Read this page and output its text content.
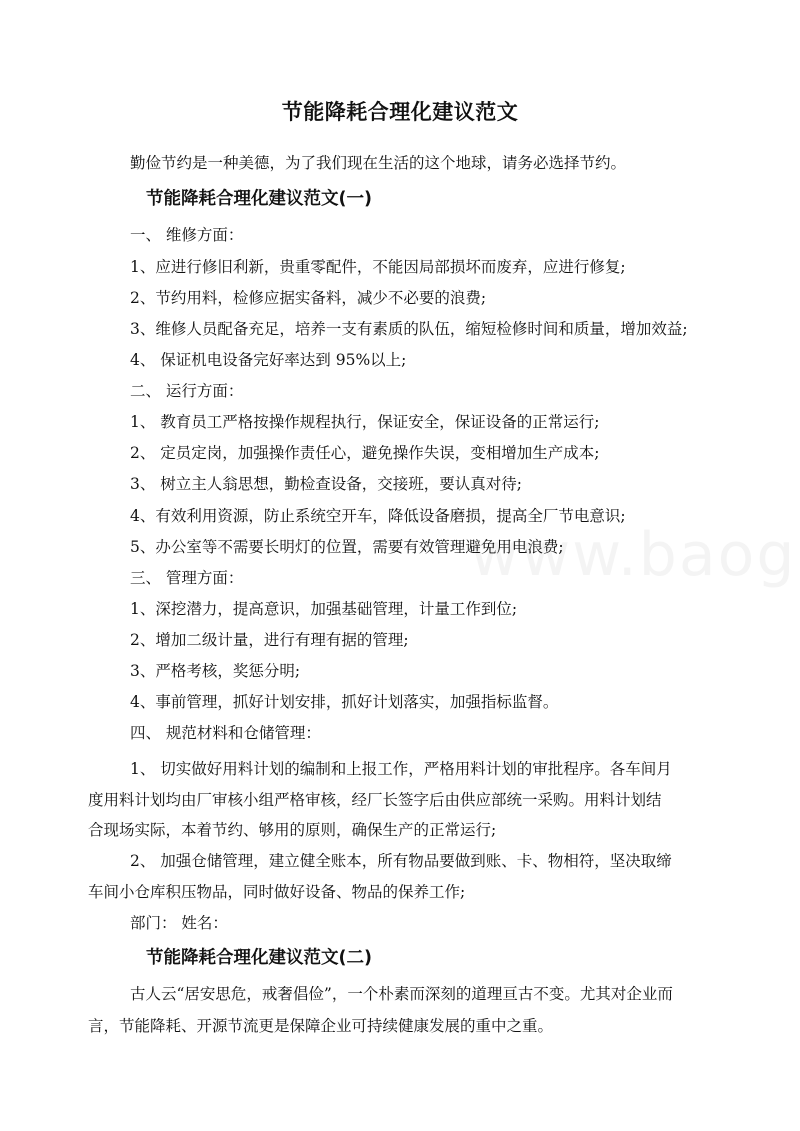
节能降耗合理化建议范文
勤俭节约是一种美德，为了我们现在生活的这个地球，请务必选择节约。
节能降耗合理化建议范文(一)
一、 维修方面：
1、应进行修旧利新，贵重零配件，不能因局部损坏而废弃，应进行修复;
2、节约用料，检修应据实备料，减少不必要的浪费;
3、维修人员配备充足，培养一支有素质的队伍，缩短检修时间和质量，增加效益;
4、 保证机电设备完好率达到 95%以上;
二、 运行方面：
1、 教育员工严格按操作规程执行，保证安全，保证设备的正常运行;
2、 定员定岗，加强操作责任心，避免操作失误，变相增加生产成本;
3、 树立主人翁思想，勤检查设备，交接班，要认真对待;
4、有效利用资源，防止系统空开车，降低设备磨损，提高全厂节电意识;
5、办公室等不需要长明灯的位置，需要有效管理避免用电浪费;
三、 管理方面：
1、深挖潜力，提高意识，加强基础管理，计量工作到位;
2、增加二级计量，进行有理有据的管理;
3、严格考核，奖惩分明;
4、事前管理，抓好计划安排，抓好计划落实，加强指标监督。
四、 规范材料和仓储管理：
1、 切实做好用料计划的编制和上报工作，严格用料计划的审批程序。各车间月
度用料计划均由厂审核小组严格审核，经厂长签字后由供应部统一采购。用料计划结
合现场实际，本着节约、够用的原则，确保生产的正常运行;
2、 加强仓储管理，建立健全账本，所有物品要做到账、卡、物相符，坚决取缔
车间小仓库积压物品，同时做好设备、物品的保养工作;
部门： 姓名：
节能降耗合理化建议范文(二)
古人云“居安思危，戒奢倡俭”，一个朴素而深刻的道理亘古不变。尤其对企业而
言，节能降耗、开源节流更是保障企业可持续健康发展的重中之重。
